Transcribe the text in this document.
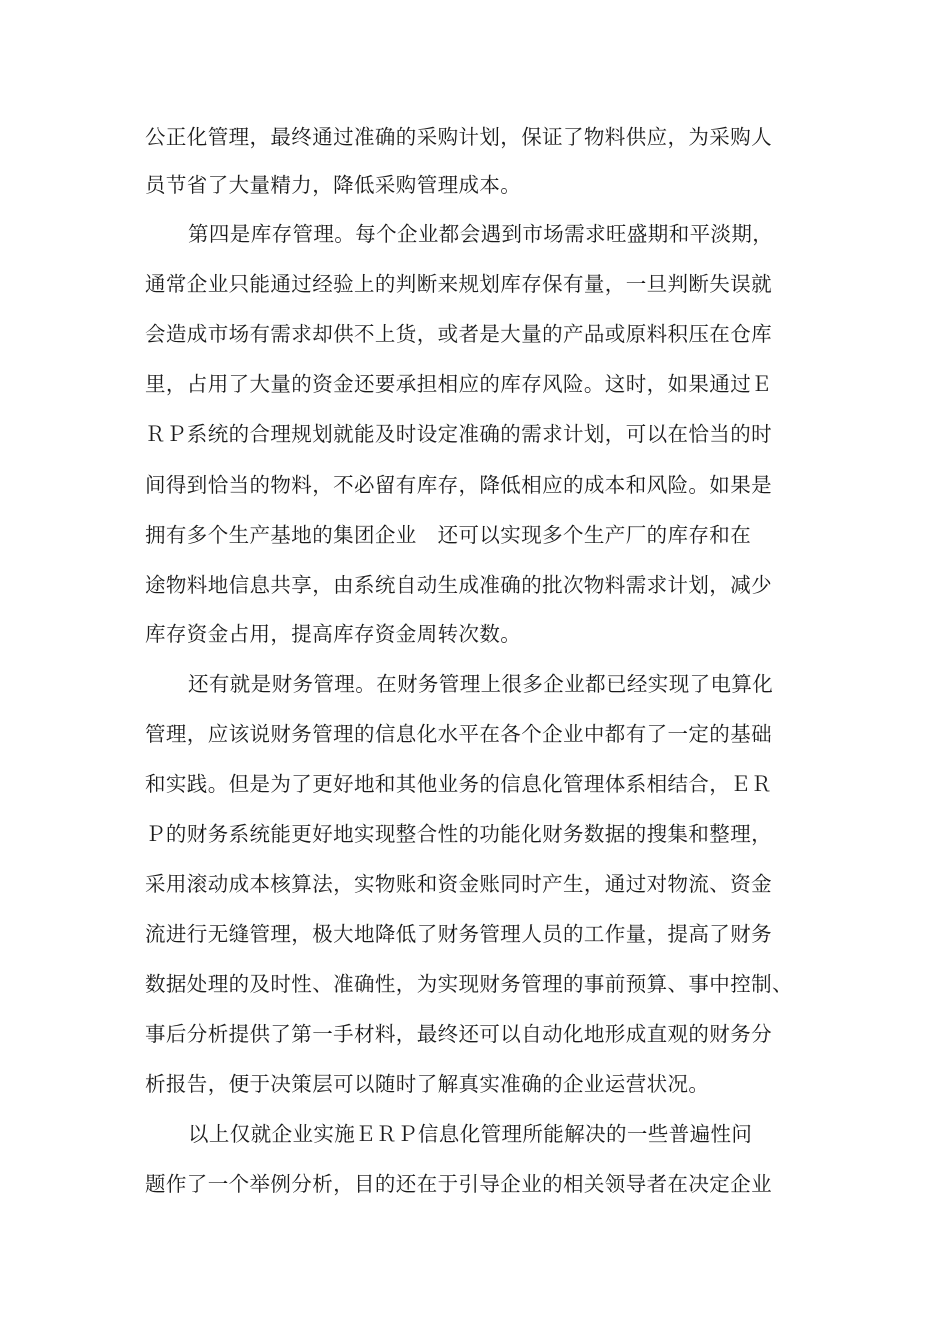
公正化管理，最终通过准确的采购计划，保证了物料供应，为采购人
员节省了大量精力，降低采购管理成本。
第四是库存管理。每个企业都会遇到市场需求旺盛期和平淡期，
通常企业只能通过经验上的判断来规划库存保有量，一旦判断失误就
会造成市场有需求却供不上货，或者是大量的产品或原料积压在仓库
里，占用了大量的资金还要承担相应的库存风险。这时，如果通过Ｅ
ＲＰ系统的合理规划就能及时设定准确的需求计划，可以在恰当的时
间得到恰当的物料，不必留有库存，降低相应的成本和风险。如果是
拥有多个生产基地的集团企业　还可以实现多个生产厂的库存和在
途物料地信息共享，由系统自动生成准确的批次物料需求计划，减少
库存资金占用，提高库存资金周转次数。
还有就是财务管理。在财务管理上很多企业都已经实现了电算化
管理，应该说财务管理的信息化水平在各个企业中都有了一定的基础
和实践。但是为了更好地和其他业务的信息化管理体系相结合，ＥＲ
Ｐ的财务系统能更好地实现整合性的功能化财务数据的搜集和整理，
采用滚动成本核算法，实物账和资金账同时产生，通过对物流、资金
流进行无缝管理，极大地降低了财务管理人员的工作量，提高了财务
数据处理的及时性、准确性，为实现财务管理的事前预算、事中控制、
事后分析提供了第一手材料，最终还可以自动化地形成直观的财务分
析报告，便于决策层可以随时了解真实准确的企业运营状况。
以上仅就企业实施ＥＲＰ信息化管理所能解决的一些普遍性问
题作了一个举例分析，目的还在于引导企业的相关领导者在决定企业
